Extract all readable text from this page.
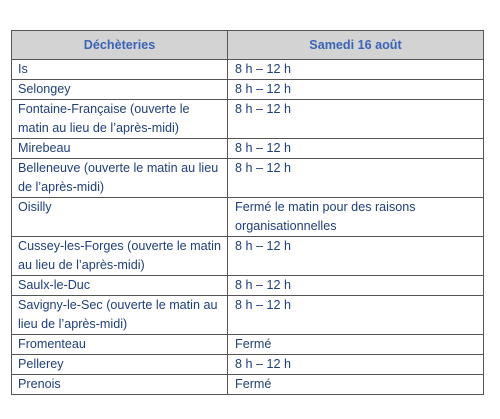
Déchèteries	Samedi 16 août
Is	8 h – 12 h
Selongey	8 h – 12 h
Fontaine-Française (ouverte le matin au lieu de l’après-midi)	8 h – 12 h
Mirebeau	8 h – 12 h
Belleneuve (ouverte le matin au lieu de l’après-midi)	8 h – 12 h
Oisilly	Fermé le matin pour des raisons organisationnelles
Cussey-les-Forges (ouverte le matin au lieu de l’après-midi)	8 h – 12 h
Saulx-le-Duc	8 h – 12 h
Savigny-le-Sec (ouverte le matin au lieu de l’après-midi)	8 h – 12 h
Fromenteau	Fermé
Pellerey	8 h – 12 h
Prenois	Fermé
